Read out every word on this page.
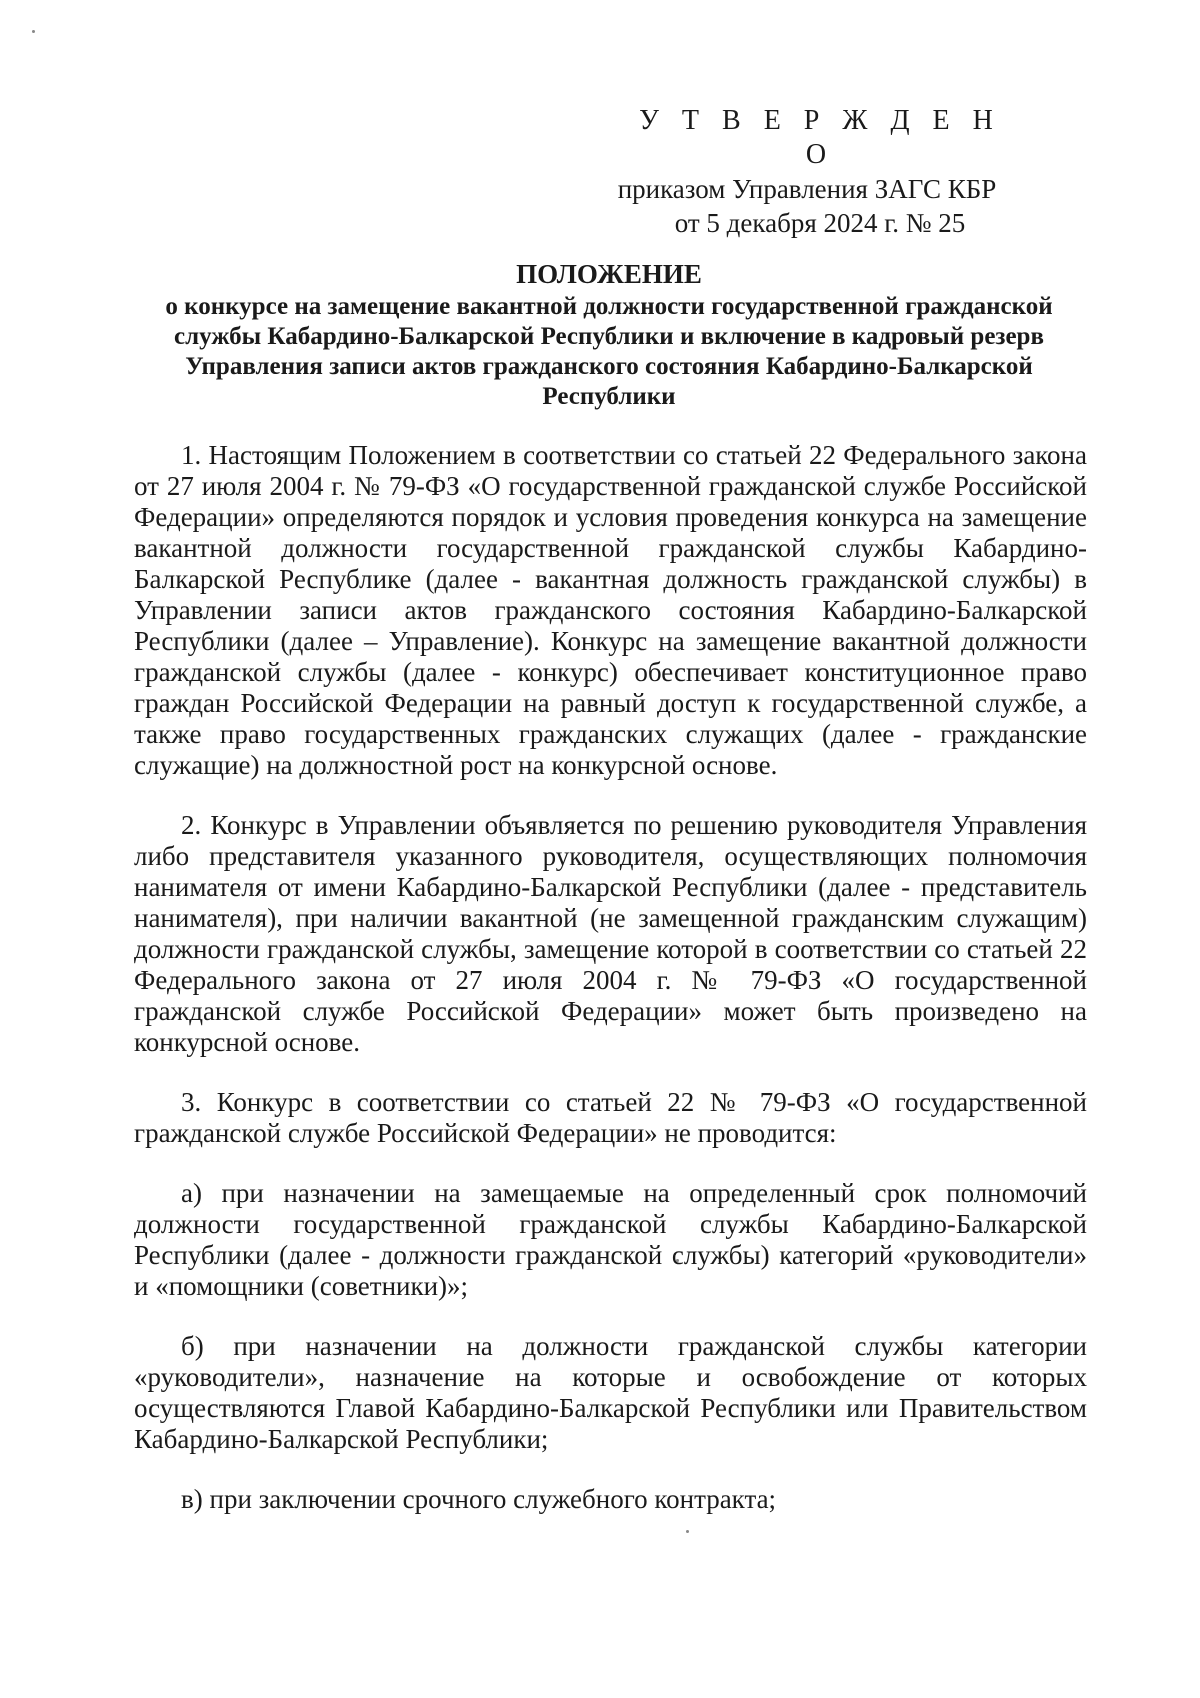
У Т В Е Р Ж Д Е Н О
приказом Управления ЗАГС КБР
от 5 декабря 2024 г. № 25
ПОЛОЖЕНИЕ
о конкурсе на замещение вакантной должности государственной гражданской службы Кабардино-Балкарской Республики и включение в кадровый резерв Управления записи актов гражданского состояния Кабардино-Балкарской Республики

1. Настоящим Положением в соответствии со статьей 22 Федерального закона от 27 июля 2004 г. № 79-ФЗ «О государственной гражданской службе Российской Федерации» определяются порядок и условия проведения конкурса на замещение вакантной должности государственной гражданской службы Кабардино-Балкарской Республике (далее - вакантная должность гражданской службы) в Управлении записи актов гражданского состояния Кабардино-Балкарской Республики (далее – Управление). Конкурс на замещение вакантной должности гражданской службы (далее - конкурс) обеспечивает конституционное право граждан Российской Федерации на равный доступ к государственной службе, а также право государственных гражданских служащих (далее - гражданские служащие) на должностной рост на конкурсной основе.

2. Конкурс в Управлении объявляется по решению руководителя Управления либо представителя указанного руководителя, осуществляющих полномочия нанимателя от имени Кабардино-Балкарской Республики (далее - представитель нанимателя), при наличии вакантной (не замещенной гражданским служащим) должности гражданской службы, замещение которой в соответствии со статьей 22 Федерального закона от 27 июля 2004 г. № 79-ФЗ «О государственной гражданской службе Российской Федерации» может быть произведено на конкурсной основе.

3. Конкурс в соответствии со статьей 22 № 79-ФЗ «О государственной гражданской службе Российской Федерации» не проводится:

а) при назначении на замещаемые на определенный срок полномочий должности государственной гражданской службы Кабардино-Балкарской Республики (далее - должности гражданской службы) категорий «руководители» и «помощники (советники)»;

б) при назначении на должности гражданской службы категории «руководители», назначение на которые и освобождение от которых осуществляются Главой Кабардино-Балкарской Республики или Правительством Кабардино-Балкарской Республики;

в) при заключении срочного служебного контракта;
